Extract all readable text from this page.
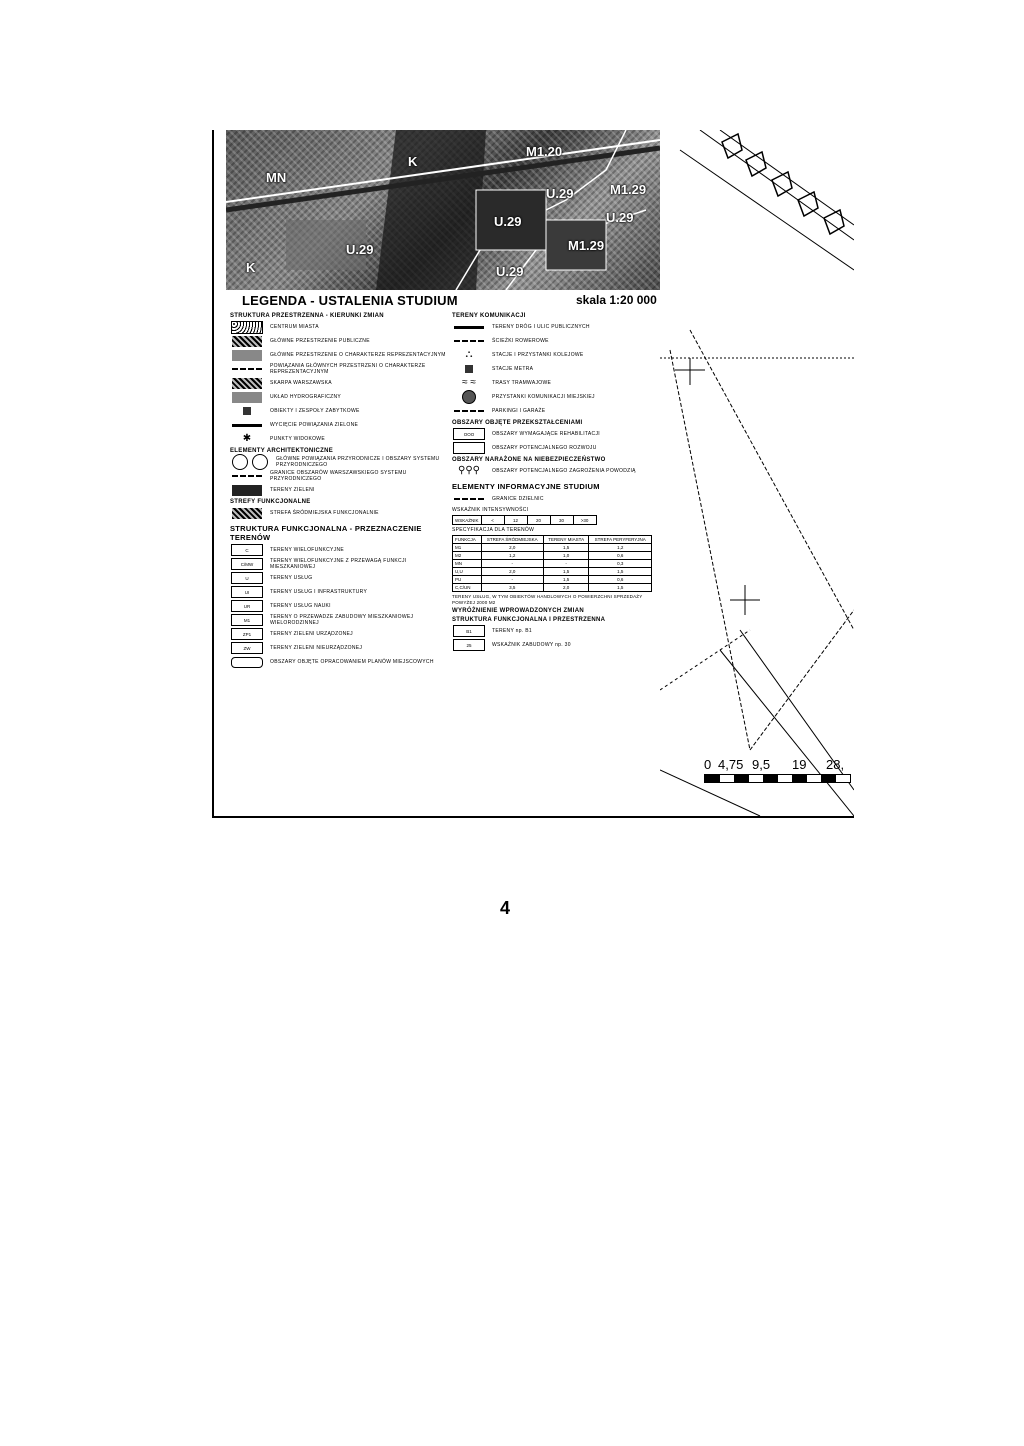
K
M1.20
U.29
M1.29
U.29
U.29
MN
M1.29
U.29
K
U.29
LEGENDA - USTALENIA STUDIUM	skala 1:20 000
STRUKTURA PRZESTRZENNA - KIERUNKI ZMIAN
CENTRUM MIASTA
GŁÓWNE PRZESTRZENIE PUBLICZNE
GŁÓWNE PRZESTRZENIE O CHARAKTERZE REPREZENTACYJNYM
POWIĄZANIA GŁÓWNYCH PRZESTRZENI O CHARAKTERZE REPREZENTACYJNYM
SKARPA WARSZAWSKA
UKŁAD HYDROGRAFICZNY
OBIEKTY I ZESPOŁY ZABYTKOWE
WYCIĘCIE POWIĄZANIA ZIELONE
✱	PUNKTY WIDOKOWE
ELEMENTY ARCHITEKTONICZNE
GŁÓWNE POWIĄZANIA PRZYRODNICZE I OBSZARY SYSTEMU PRZYRODNICZEGO
GRANICE OBSZARÓW WARSZAWSKIEGO SYSTEMU PRZYRODNICZEGO
TERENY ZIELENI
STREFY FUNKCJONALNE
STREFA ŚRÓDMIEJSKA FUNKCJONALNIE
STRUKTURA FUNKCJONALNA - PRZEZNACZENIE TERENÓW
C	TERENY WIELOFUNKCYJNE
C/MW	TERENY WIELOFUNKCYJNE Z PRZEWAGĄ FUNKCJI MIESZKANIOWEJ
U	TERENY USŁUG
UI	TERENY USŁUG I INFRASTRUKTURY
UR	TERENY USŁUG NAUKI
M1	TERENY O PRZEWADZE ZABUDOWY MIESZKANIOWEJ WIELORODZINNEJ
ZP1	TERENY ZIELENI URZĄDZONEJ
ZW	TERENY ZIELENI NIEURZĄDZONEJ
OBSZARY OBJĘTE OPRACOWANIEM PLANÓW MIEJSCOWYCH
TERENY KOMUNIKACJI
TERENY DRÓG I ULIC PUBLICZNYCH
ŚCIEŻKI ROWEROWE
⛬	STACJE I PRZYSTANKI KOLEJOWE
STACJE METRA
≈ ≈	TRASY TRAMWAJOWE
PRZYSTANKI KOMUNIKACJI MIEJSKIEJ
PARKINGI I GARAŻE
OBSZARY OBJĘTE PRZEKSZTAŁCENIAMI
OOO	OBSZARY WYMAGAJĄCE REHABILITACJI
OBSZARY POTENCJALNEGO ROZWOJU
OBSZARY NARAŻONE NA NIEBEZPIECZEŃSTWO
⚲⚲⚲ OBSZARY POTENCJALNEGO ZAGROŻENIA POWODZIĄ
ELEMENTY INFORMACYJNE STUDIUM
GRANICE DZIELNIC
WSKAŹNIK INTENSYWNOŚCI
WSKAŹNIK	<	12	20	30	>30
SPECYFIKACJA DLA TERENÓW
FUNKCJA	STREFA ŚRÓDMIEJSKA	TERENY MIASTA	STREFA PERYFERYJNA
M1	2,0	1,5	1,2
M2	1,2	1,0	0,6
MN	-	-	0,3
U,U	2,0	1,5	1,5
PU	-	1,5	0,6
C,C/UN	3,5	2,0	1,5
TERENY USŁUG, W TYM OBIEKTÓW HANDLOWYCH O POWIERZCHNI SPRZEDAŻY POWYŻEJ 2000 M2
WYRÓŻNIENIE WPROWADZONYCH ZMIAN
STRUKTURA FUNKCJONALNA I PRZESTRZENNA
B1	TERENY np. B1
25	WSKAŹNIK ZABUDOWY np. 30
0 4,75 9,5 19 28,
4
